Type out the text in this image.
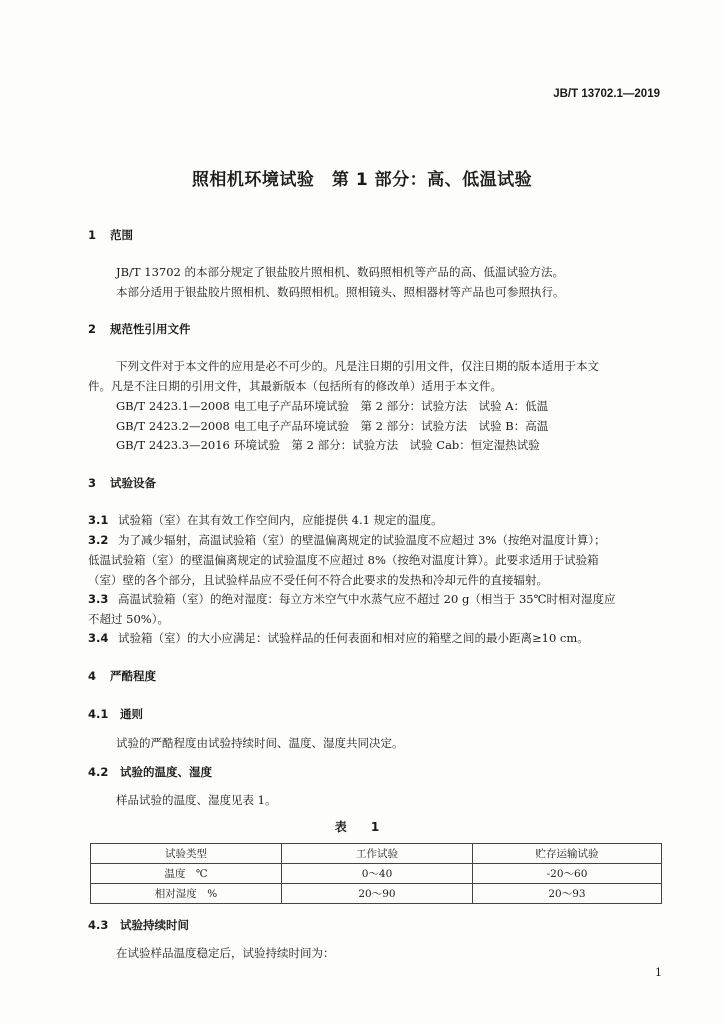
JB/T 13702.1—2019
照相机环境试验　第 1 部分：高、低温试验
1 范围
JB/T 13702 的本部分规定了银盐胶片照相机、数码照相机等产品的高、低温试验方法。
本部分适用于银盐胶片照相机、数码照相机。照相镜头、照相器材等产品也可参照执行。
2 规范性引用文件
下列文件对于本文件的应用是必不可少的。凡是注日期的引用文件，仅注日期的版本适用于本文
件。凡是不注日期的引用文件，其最新版本（包括所有的修改单）适用于本文件。
GB/T 2423.1—2008 电工电子产品环境试验　第 2 部分：试验方法　试验 A：低温
GB/T 2423.2—2008 电工电子产品环境试验　第 2 部分：试验方法　试验 B：高温
GB/T 2423.3—2016 环境试验　第 2 部分：试验方法　试验 Cab：恒定湿热试验
3 试验设备
3.1 试验箱（室）在其有效工作空间内，应能提供 4.1 规定的温度。
3.2 为了减少辐射，高温试验箱（室）的壁温偏离规定的试验温度不应超过 3%（按绝对温度计算）；
低温试验箱（室）的壁温偏离规定的试验温度不应超过 8%（按绝对温度计算）。此要求适用于试验箱
（室）壁的各个部分，且试验样品应不受任何不符合此要求的发热和冷却元件的直接辐射。
3.3 高温试验箱（室）的绝对湿度：每立方米空气中水蒸气应不超过 20 g（相当于 35℃时相对湿度应
不超过 50%）。
3.4 试验箱（室）的大小应满足：试验样品的任何表面和相对应的箱壁之间的最小距离≥10 cm。
4 严酷程度
4.1 通则
试验的严酷程度由试验持续时间、温度、湿度共同决定。
4.2 试验的温度、湿度
样品试验的温度、湿度见表 1。
表 1
试验类型	工作试验	贮存运输试验
温度　℃	0～40	-20～60
相对湿度　%	20～90	20～93
4.3 试验持续时间
在试验样品温度稳定后，试验持续时间为：
1
